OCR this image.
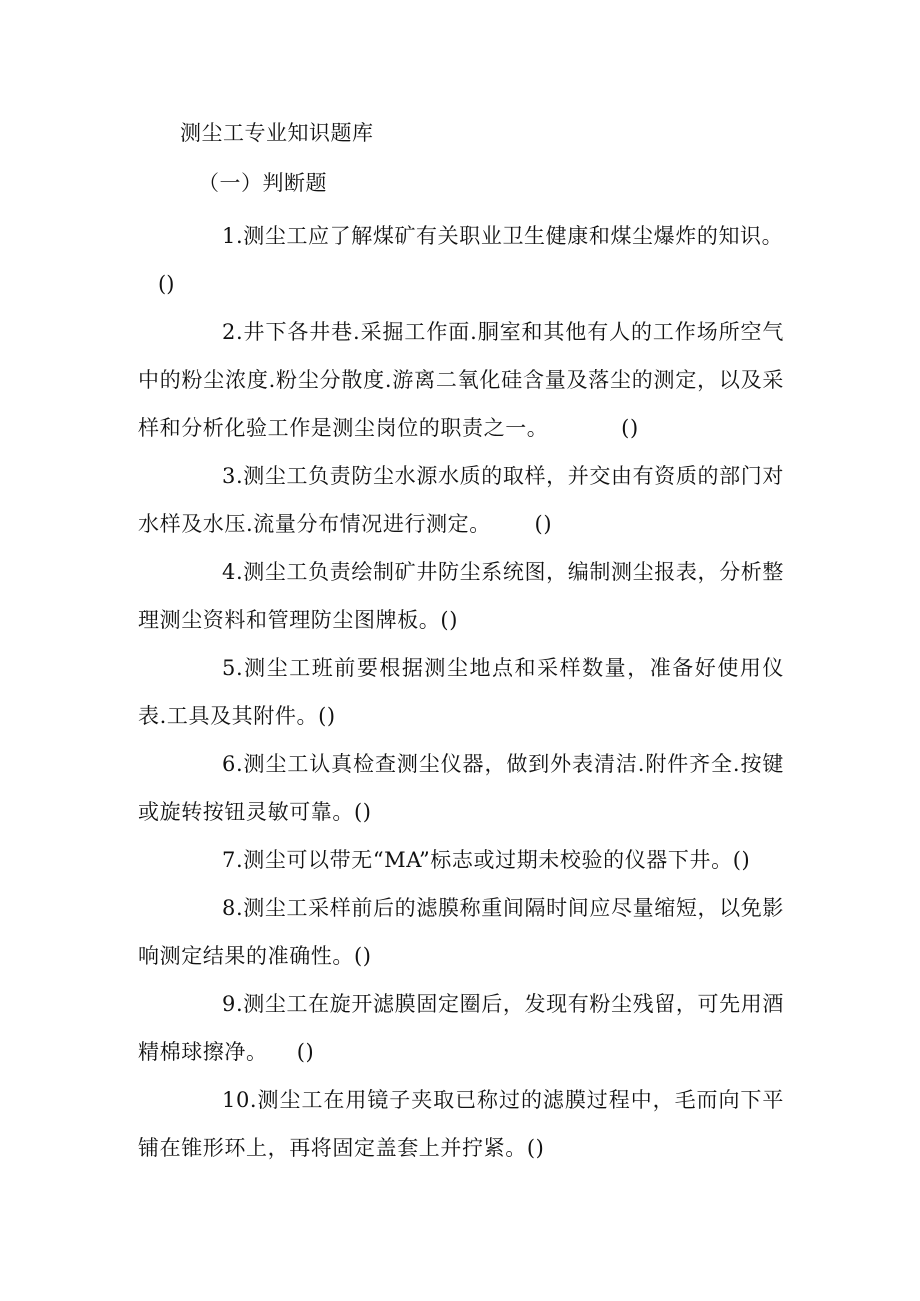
测尘工专业知识题库
（一）判断题

1.测尘工应了解煤矿有关职业卫生健康和煤尘爆炸的知识。

()

2.井下各井巷.采掘工作面.胴室和其他有人的工作场所空气中的粉尘浓度.粉尘分散度.游离二氧化硅含量及落尘的测定，以及采样和分析化验工作是测尘岗位的职责之一。	()

3.测尘工负责防尘水源水质的取样，并交由有资质的部门对水样及水压.流量分布情况进行测定。 ()

4.测尘工负责绘制矿井防尘系统图，编制测尘报表，分析整理测尘资料和管理防尘图牌板。()

5.测尘工班前要根据测尘地点和采样数量，准备好使用仪表.工具及其附件。()

6.测尘工认真检查测尘仪器，做到外表清洁.附件齐全.按键或旋转按钮灵敏可靠。()

7.测尘可以带无“MA”标志或过期未校验的仪器下井。()

8.测尘工采样前后的滤膜称重间隔时间应尽量缩短，以免影响测定结果的准确性。()

9.测尘工在旋开滤膜固定圈后，发现有粉尘残留，可先用酒精棉球擦净。 ()

10.测尘工在用镜子夹取已称过的滤膜过程中，毛而向下平铺在锥形环上，再将固定盖套上并拧紧。()
